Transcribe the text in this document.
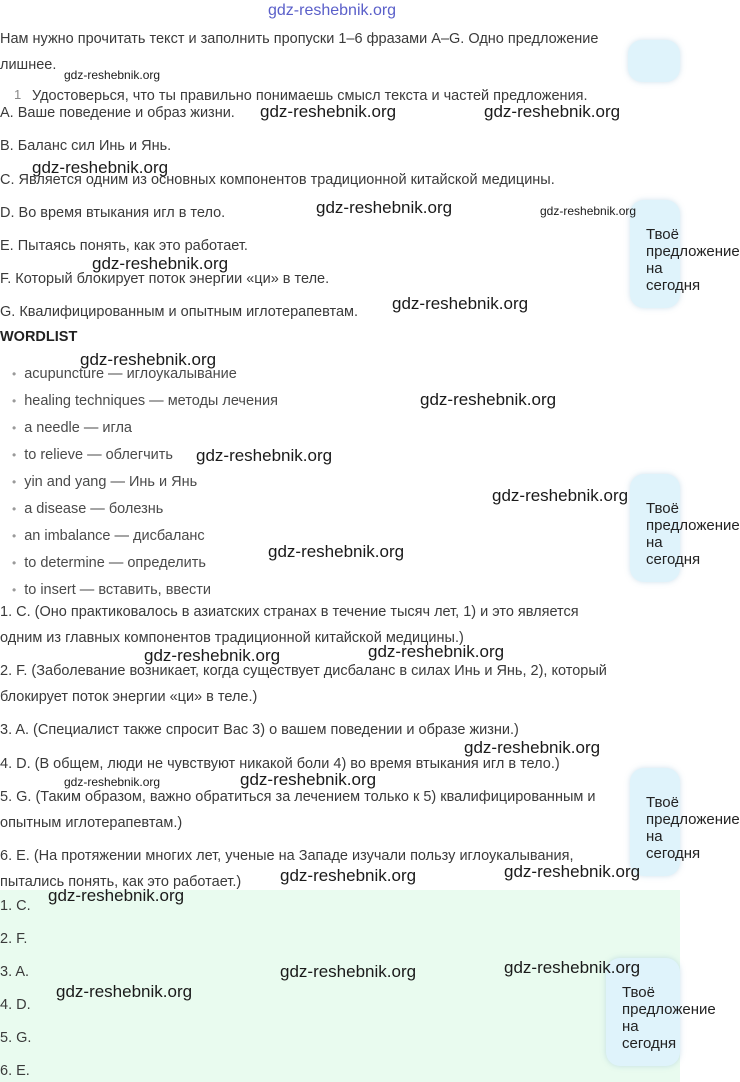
gdz-reshebnik.org
Нам нужно прочитать текст и заполнить пропуски 1–6 фразами A–G. Одно предложение
лишнее.
1 Удостоверься, что ты правильно понимаешь смысл текста и частей предложения.
A. Ваше поведение и образ жизни.
B. Баланс сил Инь и Янь.
C. Является одним из основных компонентов традиционной китайской медицины.
D. Во время втыкания игл в тело.
E. Пытаясь понять, как это работает.
F. Который блокирует поток энергии «ци» в теле.
G. Квалифицированным и опытным иглотерапевтам.
WORDLIST
• acupuncture — иглоукалывание
• healing techniques — методы лечения
• a needle — игла
• to relieve — облегчить
• yin and yang — Инь и Янь
• a disease — болезнь
• an imbalance — дисбаланс
• to determine — определить
• to insert — вставить, ввести
1. C. (Оно практиковалось в азиатских странах в течение тысяч лет, 1) и это является
одним из главных компонентов традиционной китайской медицины.)
2. F. (Заболевание возникает, когда существует дисбаланс в силах Инь и Янь, 2), который
блокирует поток энергии «ци» в теле.)
3. A. (Специалист также спросит Вас 3) о вашем поведении и образе жизни.)
4. D. (В общем, люди не чувствуют никакой боли 4) во время втыкания игл в тело.)
5. G. (Таким образом, важно обратиться за лечением только к 5) квалифицированным и
опытным иглотерапевтам.)
6. E. (На протяжении многих лет, ученые на Западе изучали пользу иглоукалывания,
пытались понять, как это работает.)
1. C.
2. F.
3. A.
4. D.
5. G.
6. E.
Твоё предложение на сегодня
Твоё предложение на сегодня
Твоё предложение на сегодня
Твоё предложение на сегодня
gdz-reshebnik.org
gdz-reshebnik.org	gdz-reshebnik.org
gdz-reshebnik.org
gdz-reshebnik.org	gdz-reshebnik.org
gdz-reshebnik.org
gdz-reshebnik.org
gdz-reshebnik.org
gdz-reshebnik.org
gdz-reshebnik.org
gdz-reshebnik.org
gdz-reshebnik.org
gdz-reshebnik.org	gdz-reshebnik.org
gdz-reshebnik.org
gdz-reshebnik.org	gdz-reshebnik.org
gdz-reshebnik.org	gdz-reshebnik.org
gdz-reshebnik.org
gdz-reshebnik.org	gdz-reshebnik.org
gdz-reshebnik.org
